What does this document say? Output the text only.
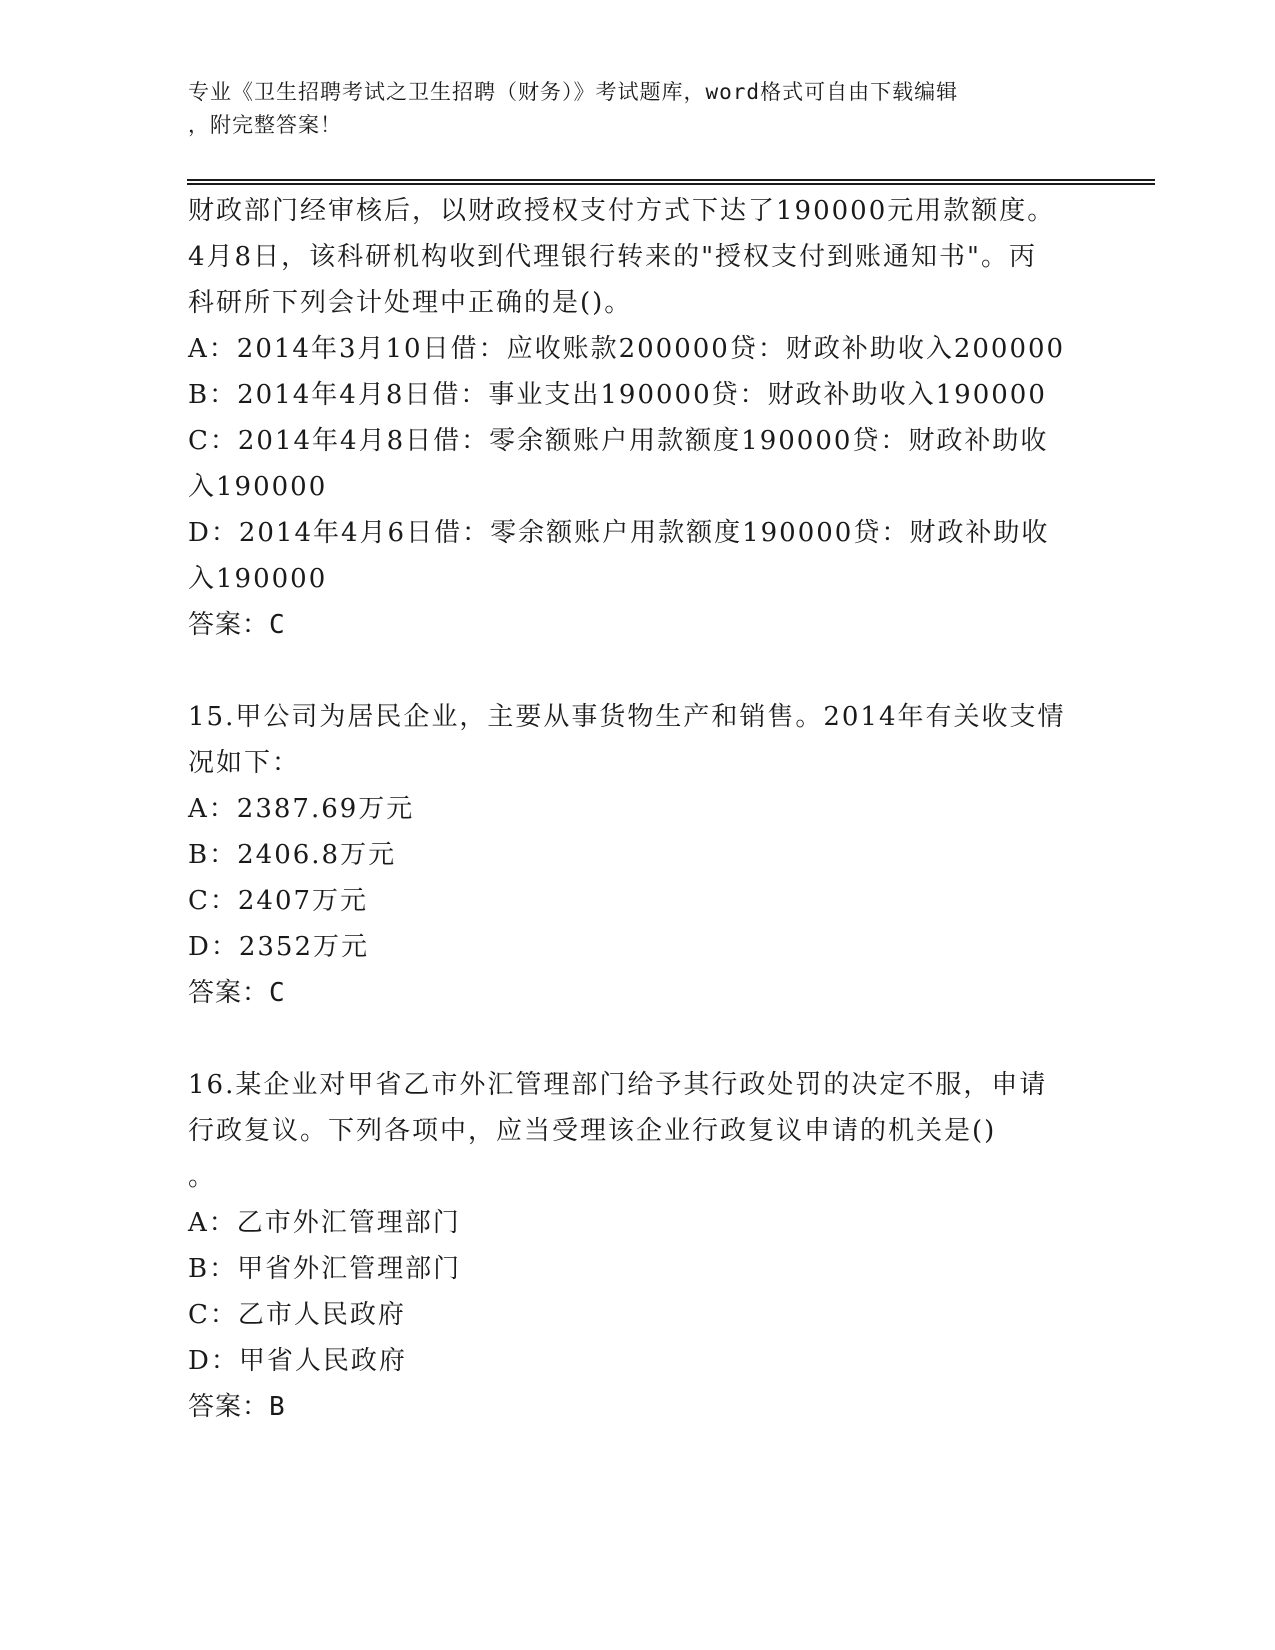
专业《卫生招聘考试之卫生招聘（财务）》考试题库，word格式可自由下载编辑
，附完整答案！
财政部门经审核后，以财政授权支付方式下达了190000元用款额度。
4月8日，该科研机构收到代理银行转来的"授权支付到账通知书"。丙
科研所下列会计处理中正确的是()。
A：2014年3月10日借：应收账款200000贷：财政补助收入200000
B：2014年4月8日借：事业支出190000贷：财政补助收入190000
C：2014年4月8日借：零余额账户用款额度190000贷：财政补助收
入190000
D：2014年4月6日借：零余额账户用款额度190000贷：财政补助收
入190000
答案：C
15.甲公司为居民企业，主要从事货物生产和销售。2014年有关收支情
况如下：
A：2387.69万元
B：2406.8万元
C：2407万元
D：2352万元
答案：C
16.某企业对甲省乙市外汇管理部门给予其行政处罚的决定不服，申请
行政复议。下列各项中，应当受理该企业行政复议申请的机关是()
。
A：乙市外汇管理部门
B：甲省外汇管理部门
C：乙市人民政府
D：甲省人民政府
答案：B
